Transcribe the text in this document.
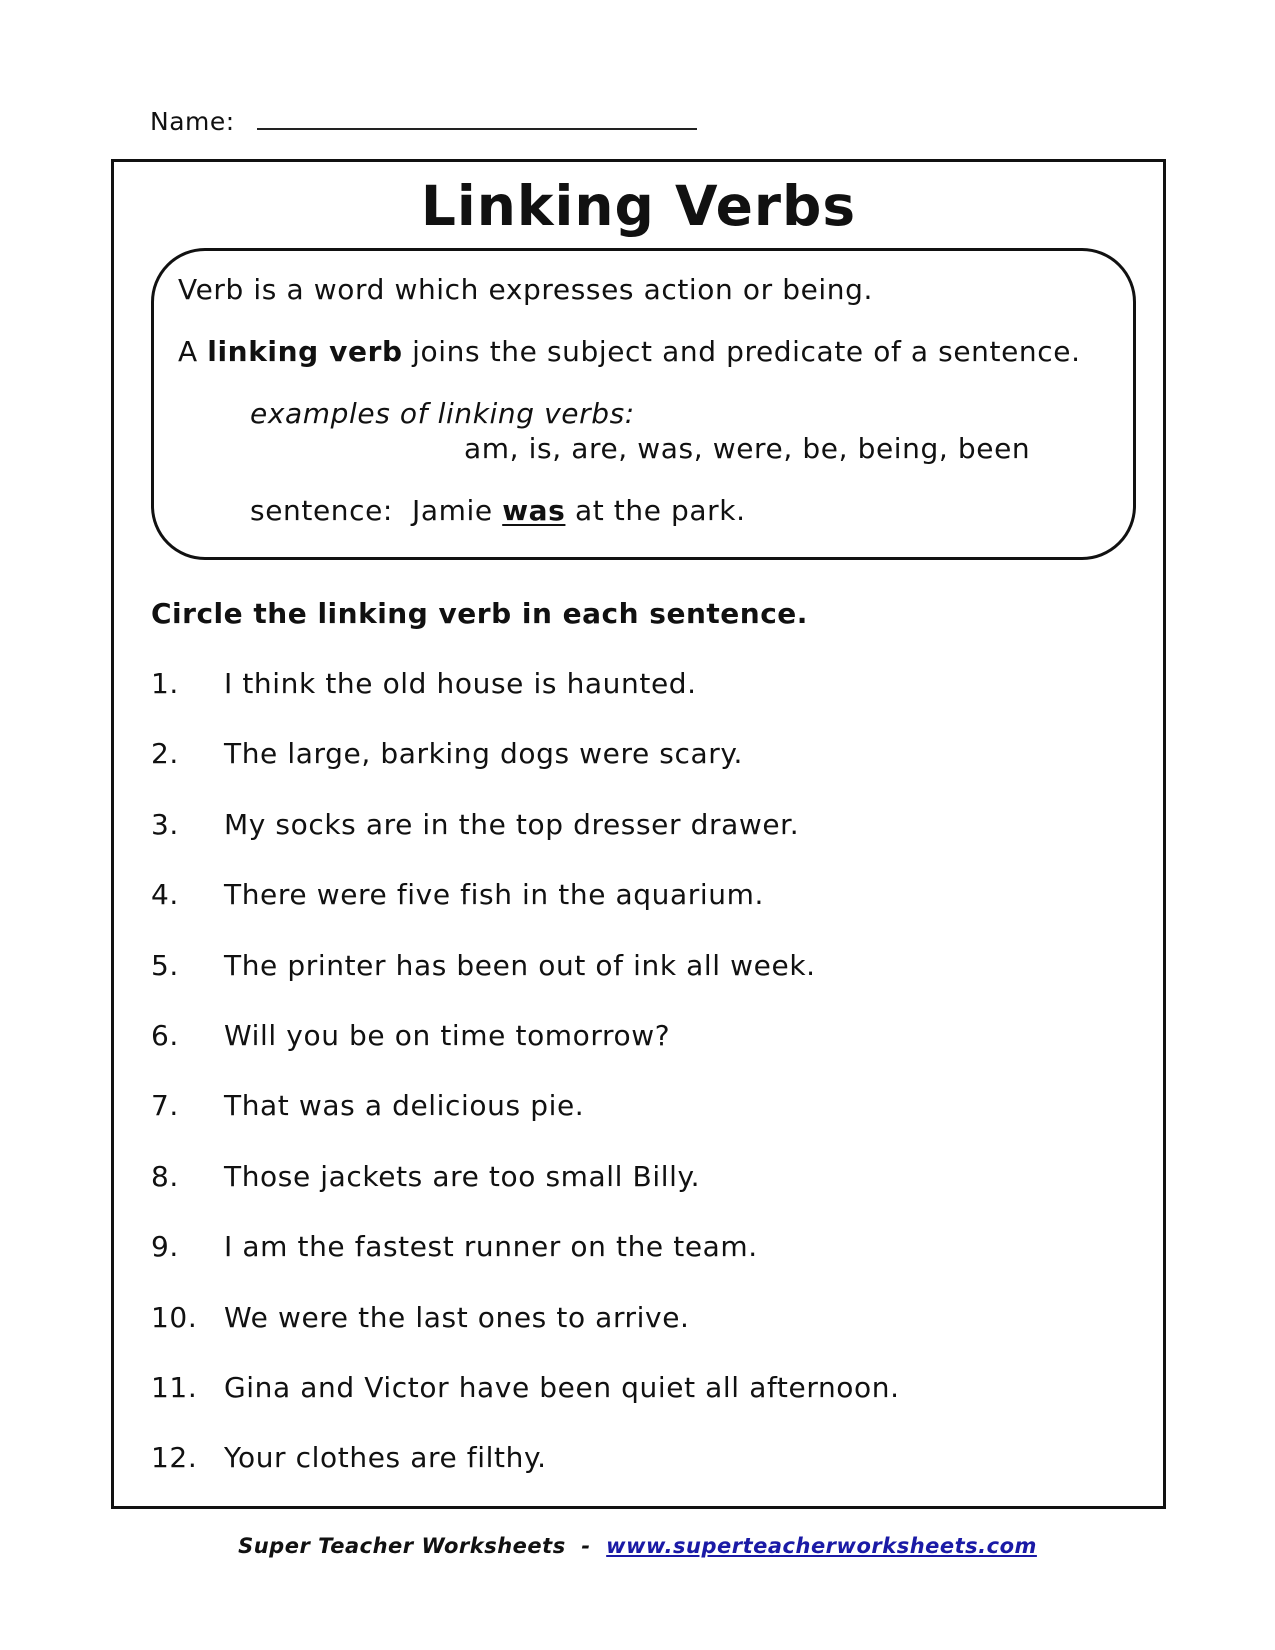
Name:
Linking Verbs
Verb is a word which expresses action or being.
A linking verb joins the subject and predicate of a sentence.
examples of linking verbs:
am, is, are, was, were, be, being, been
sentence: Jamie was at the park.
Circle the linking verb in each sentence.
1. I think the old house is haunted.
2. The large, barking dogs were scary.
3. My socks are in the top dresser drawer.
4. There were five fish in the aquarium.
5. The printer has been out of ink all week.
6. Will you be on time tomorrow?
7. That was a delicious pie.
8. Those jackets are too small Billy.
9. I am the fastest runner on the team.
10. We were the last ones to arrive.
11. Gina and Victor have been quiet all afternoon.
12. Your clothes are filthy.
Super Teacher Worksheets - www.superteacherworksheets.com
